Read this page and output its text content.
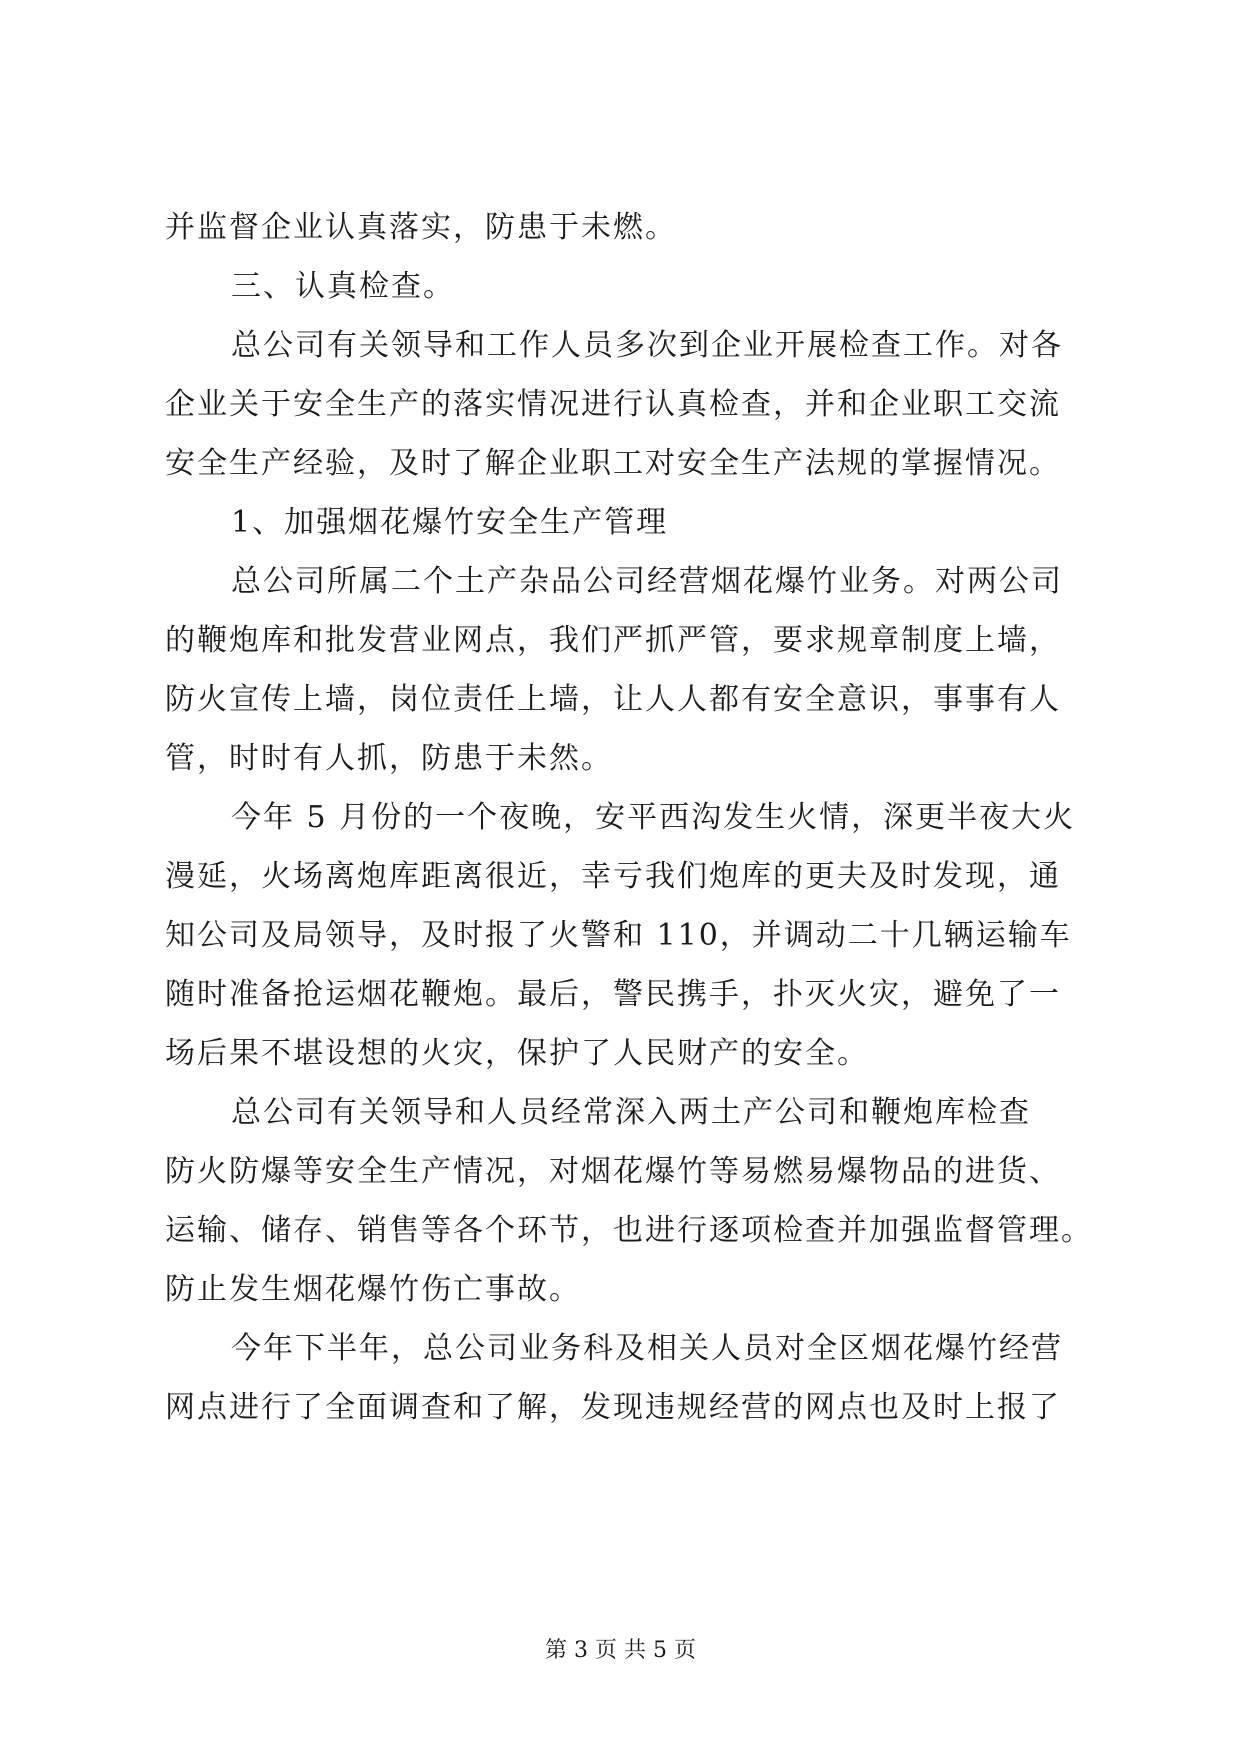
并监督企业认真落实，防患于未燃。
三、认真检查。
总公司有关领导和工作人员多次到企业开展检查工作。对各
企业关于安全生产的落实情况进行认真检查，并和企业职工交流
安全生产经验，及时了解企业职工对安全生产法规的掌握情况。
1、加强烟花爆竹安全生产管理
总公司所属二个土产杂品公司经营烟花爆竹业务。对两公司
的鞭炮库和批发营业网点，我们严抓严管，要求规章制度上墙，
防火宣传上墙，岗位责任上墙，让人人都有安全意识，事事有人
管，时时有人抓，防患于未然。
今年 5 月份的一个夜晚，安平西沟发生火情，深更半夜大火
漫延，火场离炮库距离很近，幸亏我们炮库的更夫及时发现，通
知公司及局领导，及时报了火警和 110，并调动二十几辆运输车
随时准备抢运烟花鞭炮。最后，警民携手，扑灭火灾，避免了一
场后果不堪设想的火灾，保护了人民财产的安全。
总公司有关领导和人员经常深入两土产公司和鞭炮库检查
防火防爆等安全生产情况，对烟花爆竹等易燃易爆物品的进货、
运输、储存、销售等各个环节，也进行逐项检查并加强监督管理。
防止发生烟花爆竹伤亡事故。
今年下半年，总公司业务科及相关人员对全区烟花爆竹经营
网点进行了全面调查和了解，发现违规经营的网点也及时上报了
第 3 页 共 5 页
